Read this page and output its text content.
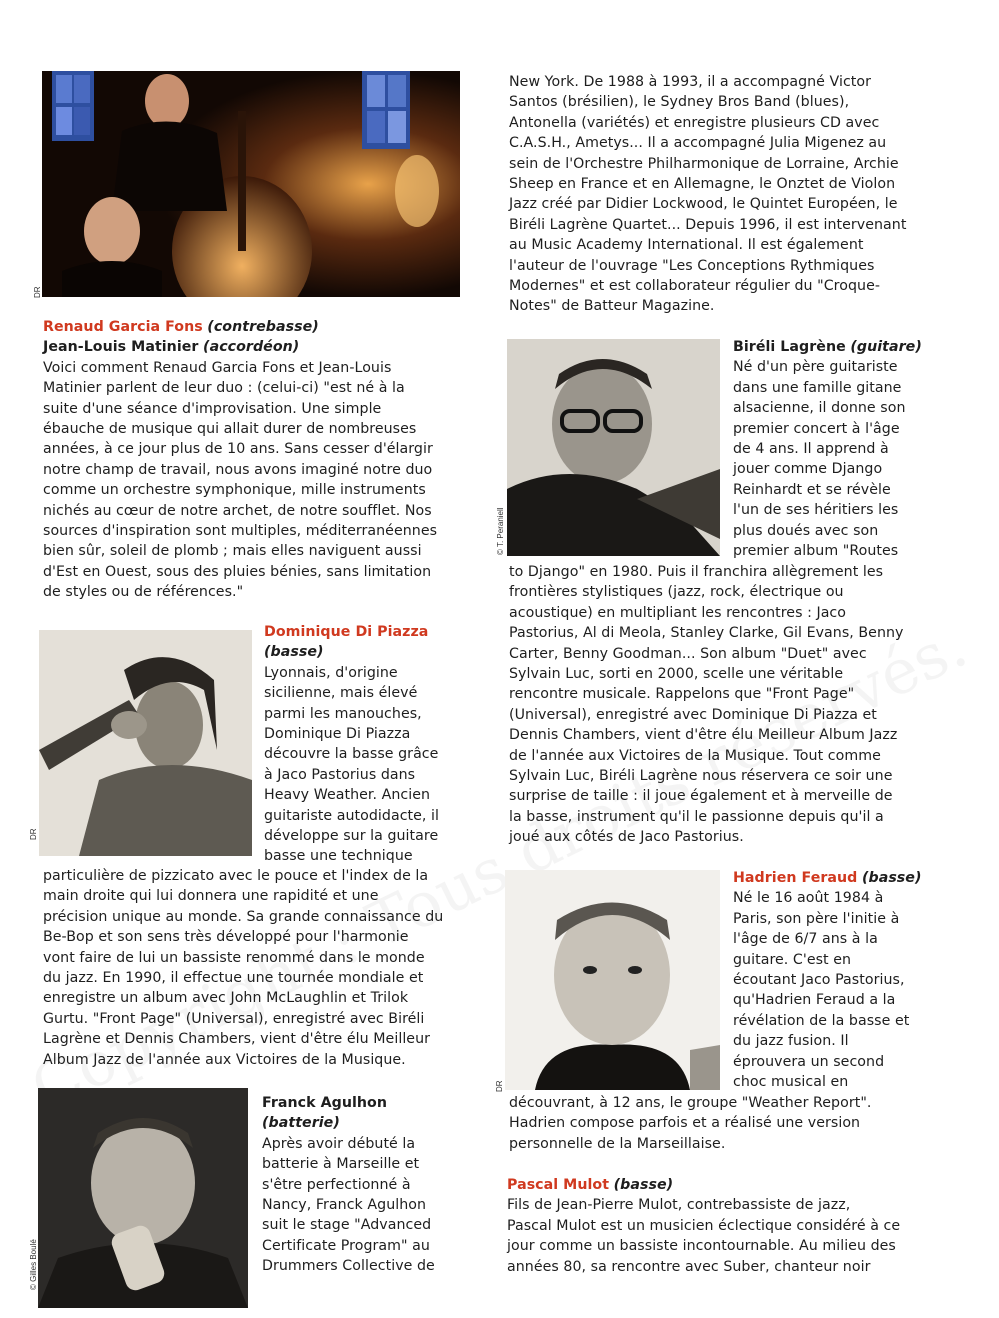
DR

Renaud Garcia Fons (contrebasse)

Jean-Louis Matinier (accordéon)

Voici comment Renaud Garcia Fons et Jean-Louis

Matinier parlent de leur duo : (celui-ci) "est né à la

suite d'une séance d'improvisation. Une simple

ébauche de musique qui allait durer de nombreuses

années, à ce jour plus de 10 ans. Sans cesser d'élargir

notre champ de travail, nous avons imaginé notre duo

comme un orchestre symphonique, mille instruments

nichés au cœur de notre archet, de notre soufflet. Nos

sources d'inspiration sont multiples, méditerranéennes

bien sûr, soleil de plomb ; mais elles naviguent aussi

d'Est en Ouest, sous des pluies bénies, sans limitation

de styles ou de références."

DR

Dominique Di Piazza

(basse)

Lyonnais, d'origine

sicilienne, mais élevé

parmi les manouches,

Dominique Di Piazza

découvre la basse grâce

à Jaco Pastorius dans

Heavy Weather. Ancien

guitariste autodidacte, il

développe sur la guitare

basse une technique

particulière de pizzicato avec le pouce et l'index de la

main droite qui lui donnera une rapidité et une

précision unique au monde. Sa grande connaissance du

Be-Bop et son sens très développé pour l'harmonie

vont faire de lui un bassiste renommé dans le monde

du jazz. En 1990, il effectue une tournée mondiale et

enregistre un album avec John McLaughlin et Trilok

Gurtu. "Front Page" (Universal), enregistré avec Biréli

Lagrène et Dennis Chambers, vient d'être élu Meilleur

Album Jazz de l'année aux Victoires de la Musique.

© Gilles Boulé

Franck Agulhon

(batterie)

Après avoir débuté la

batterie à Marseille et

s'être perfectionné à

Nancy, Franck Agulhon

suit le stage "Advanced

Certificate Program" au

Drummers Collective de

New York. De 1988 à 1993, il a accompagné Victor

Santos (brésilien), le Sydney Bros Band (blues),

Antonella (variétés) et enregistre plusieurs CD avec

C.A.S.H., Ametys... Il a accompagné Julia Migenez au

sein de l'Orchestre Philharmonique de Lorraine, Archie

Sheep en France et en Allemagne, le Onztet de Violon

Jazz créé par Didier Lockwood, le Quintet Européen, le

Biréli Lagrène Quartet... Depuis 1996, il est intervenant

au Music Academy International. Il est également

l'auteur de l'ouvrage "Les Conceptions Rythmiques

Modernes" et est collaborateur régulier du "Croque-

Notes" de Batteur Magazine.

© T. Peraniell

Biréli Lagrène (guitare)

Né d'un père guitariste

dans une famille gitane

alsacienne, il donne son

premier concert à l'âge

de 4 ans. Il apprend à

jouer comme Django

Reinhardt et se révèle

l'un de ses héritiers les

plus doués avec son

premier album "Routes

to Django" en 1980. Puis il franchira allègrement les

frontières stylistiques (jazz, rock, électrique ou

acoustique) en multipliant les rencontres : Jaco

Pastorius, Al di Meola, Stanley Clarke, Gil Evans, Benny

Carter, Benny Goodman... Son album "Duet" avec

Sylvain Luc, sorti en 2000, scelle une véritable

rencontre musicale. Rappelons que "Front Page"

(Universal), enregistré avec Dominique Di Piazza et

Dennis Chambers, vient d'être élu Meilleur Album Jazz

de l'année aux Victoires de la Musique. Tout comme

Sylvain Luc, Biréli Lagrène nous réservera ce soir une

surprise de taille : il joue également et à merveille de

la basse, instrument qu'il le passionne depuis qu'il a

joué aux côtés de Jaco Pastorius.

DR

Hadrien Feraud (basse)

Né le 16 août 1984 à

Paris, son père l'initie à

l'âge de 6/7 ans à la

guitare. C'est en

écoutant Jaco Pastorius,

qu'Hadrien Feraud a la

révélation de la basse et

du jazz fusion. Il

éprouvera un second

choc musical en

découvrant, à 12 ans, le groupe "Weather Report".

Hadrien compose parfois et a réalisé une version

personnelle de la Marseillaise.

Pascal Mulot (basse)

Fils de Jean-Pierre Mulot, contrebassiste de jazz,

Pascal Mulot est un musicien éclectique considéré à ce

jour comme un bassiste incontournable. Au milieu des

années 80, sa rencontre avec Suber, chanteur noir
